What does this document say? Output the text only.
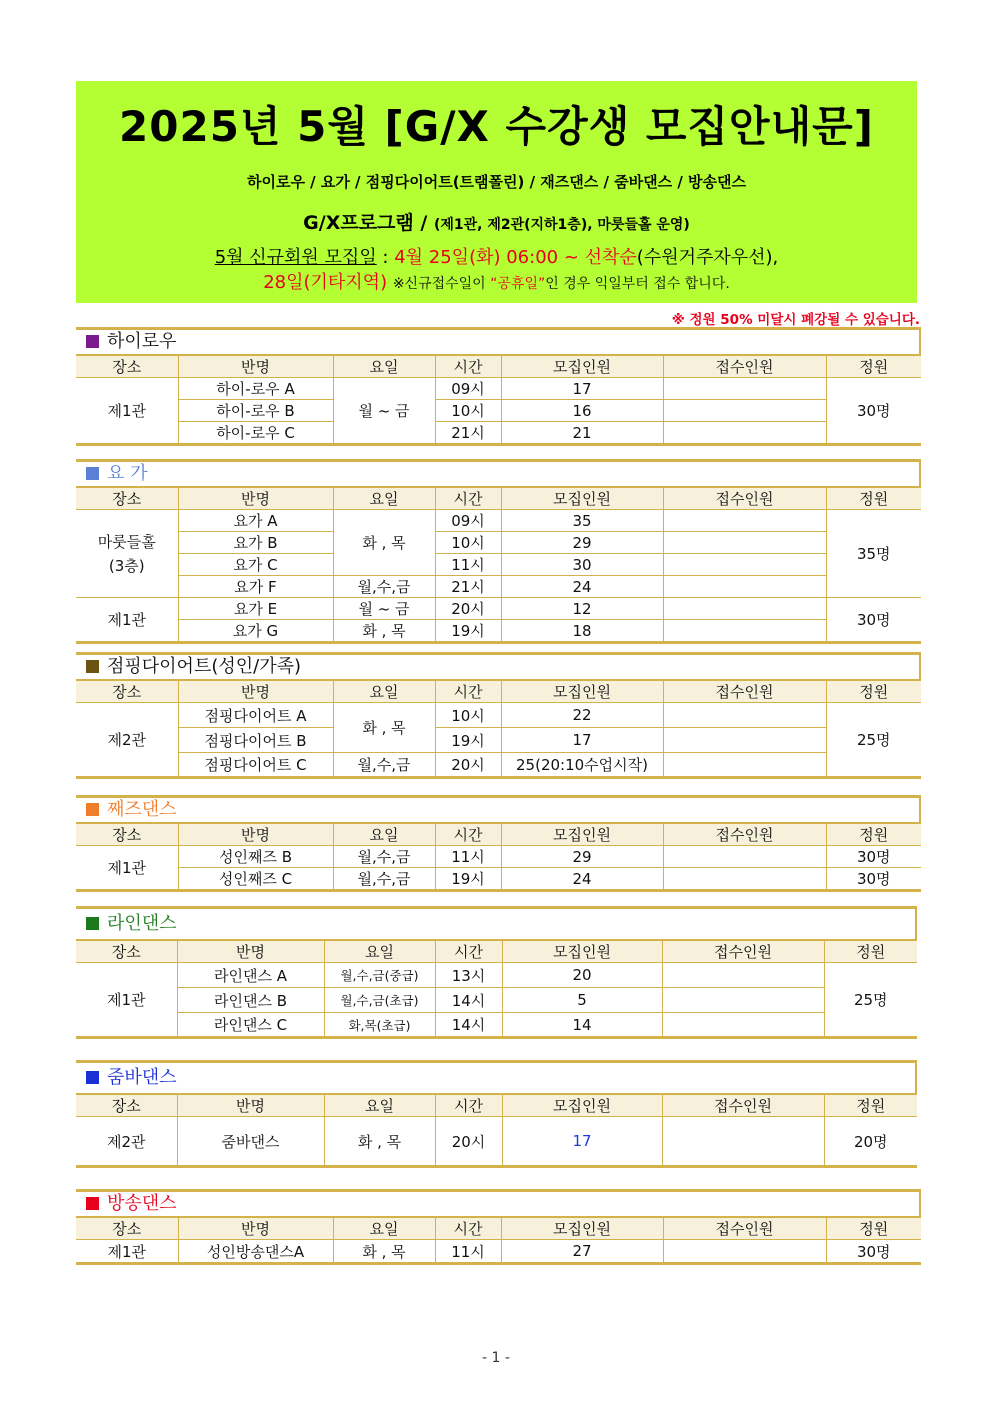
2025년 5월 [G/X 수강생 모집안내문]
하이로우 / 요가 / 점핑다이어트(트램폴린) / 재즈댄스 / 줌바댄스 / 방송댄스
G/X프로그램 / (제1관, 제2관(지하1층), 마룻들홀 운영)
5월 신규회원 모집일 : 4월 25일(화) 06:00 ~ 선착순(수원거주자우선),
28일(기타지역) ※신규접수일이 “공휴일”인 경우 익일부터 접수 합니다.
※ 정원 50% 미달시 폐강될 수 있습니다.
하이로우
장소	반명	요일	시간	모집인원	접수인원	정원
제1관	하이-로우 A	월 ~ 금	09시	17		30명
	하이-로우 B		10시	16		
	하이-로우 C		21시	21		
요 가
장소	반명	요일	시간	모집인원	접수인원	정원
마룻들홀
(3층)	요가 A	화 , 목	09시	35		35명
	요가 B		10시	29		
	요가 C		11시	30		
	요가 F	월,수,금	21시	24		
제1관	요가 E	월 ~ 금	20시	12		30명
	요가 G	화 , 목	19시	18		
점핑다이어트(성인/가족)
장소	반명	요일	시간	모집인원	접수인원	정원
제2관	점핑다이어트 A	화 , 목	10시	22		25명
	점핑다이어트 B		19시	17		
	점핑다이어트 C	월,수,금	20시	25(20:10수업시작)		
째즈댄스
장소	반명	요일	시간	모집인원	접수인원	정원
제1관	성인째즈 B	월,수,금	11시	29		30명
	성인째즈 C	월,수,금	19시	24		30명
라인댄스
장소	반명	요일	시간	모집인원	접수인원	정원
제1관	라인댄스 A	월,수,금(중급)	13시	20		25명
	라인댄스 B	월,수,금(초급)	14시	5		
	라인댄스 C	화,목(초급)	14시	14		
줌바댄스
장소	반명	요일	시간	모집인원	접수인원	정원
제2관	줌바댄스	화 , 목	20시	17		20명
방송댄스
장소	반명	요일	시간	모집인원	접수인원	정원
제1관	성인방송댄스A	화 , 목	11시	27		30명
- 1 -
